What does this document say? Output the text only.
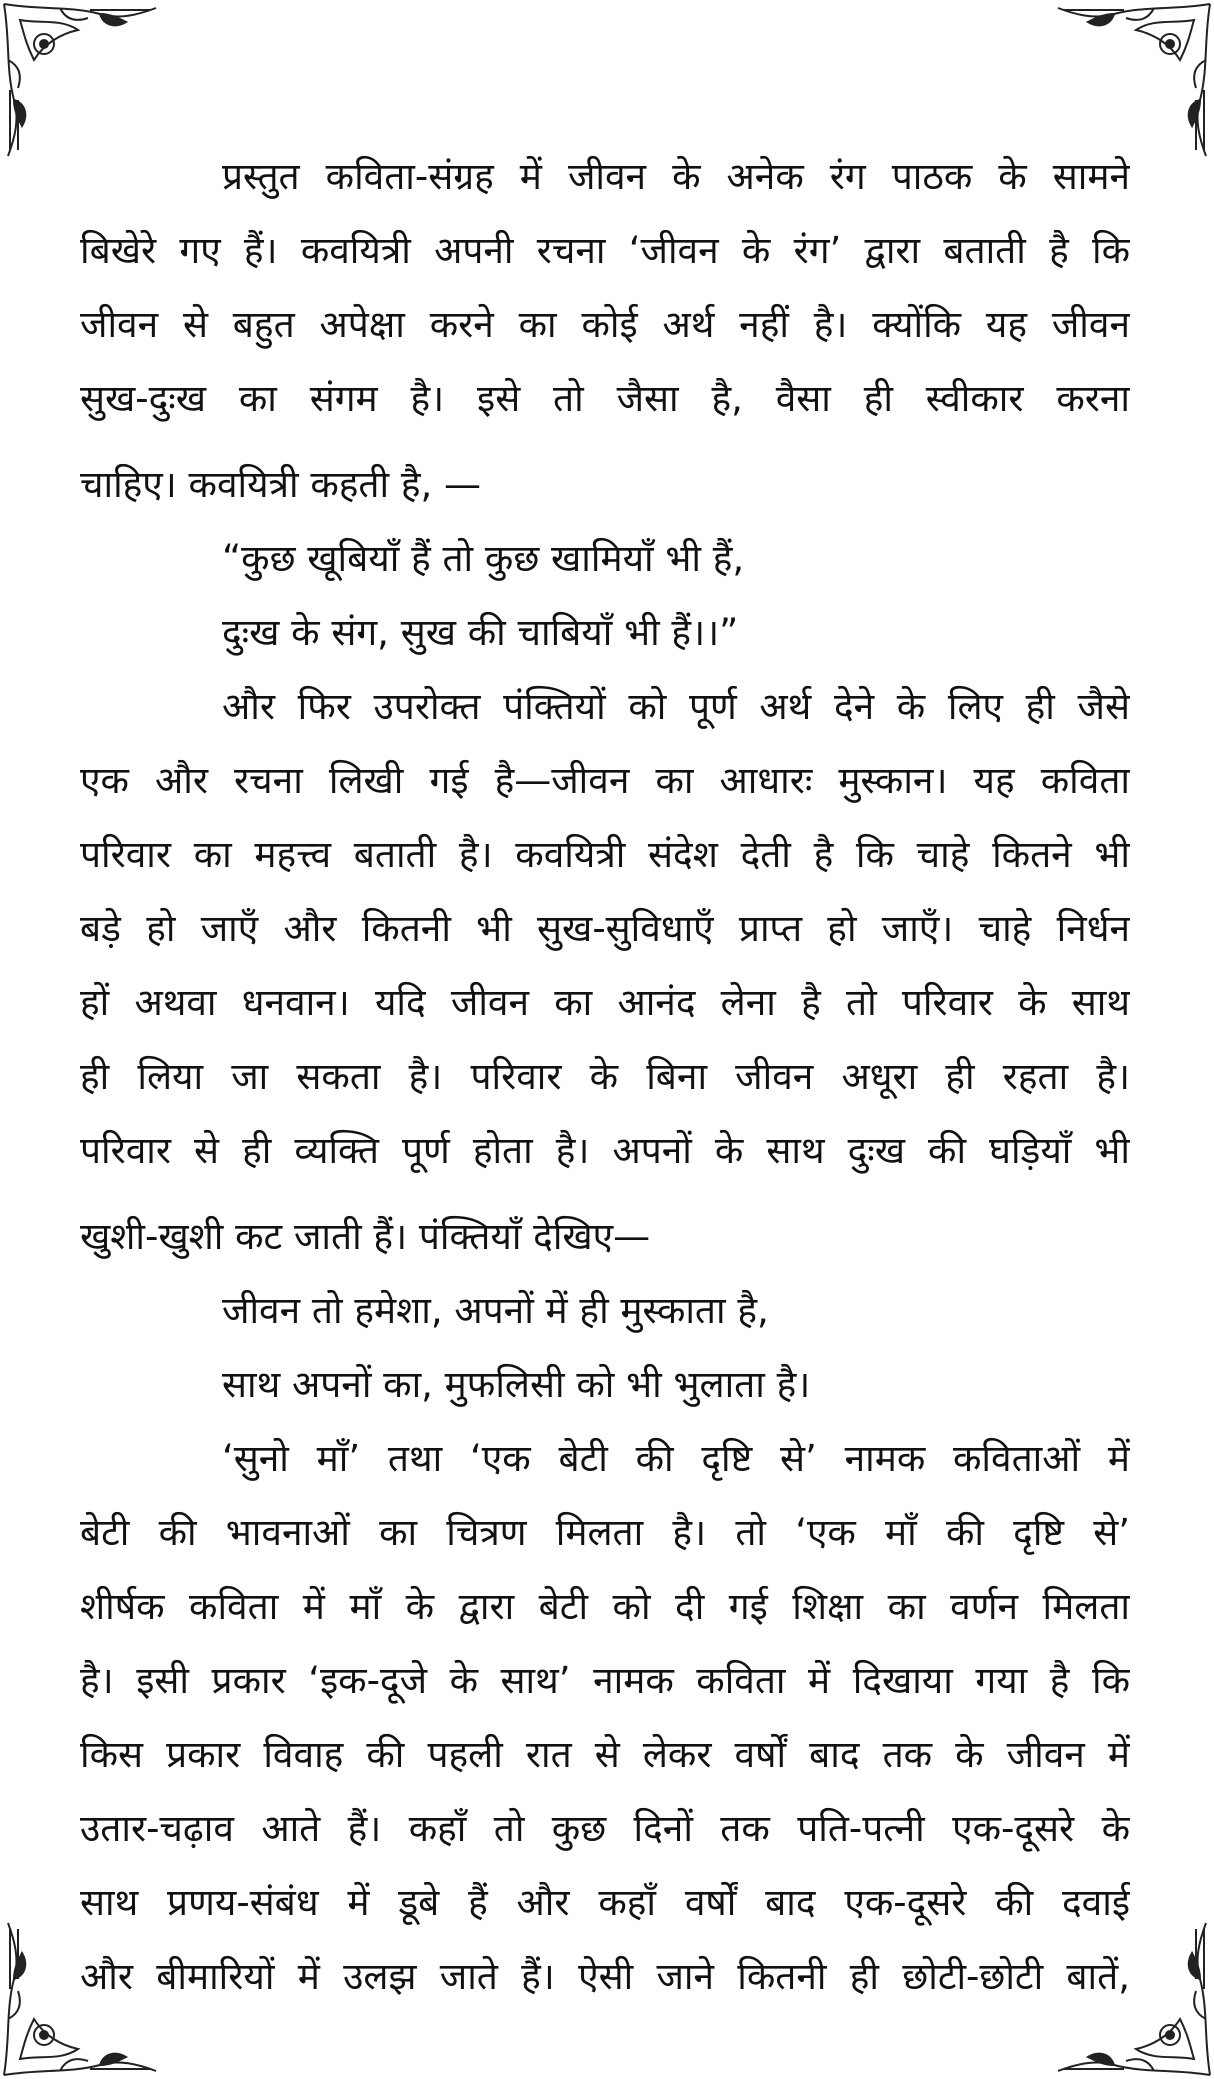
प्रस्तुत कविता-संग्रह में जीवन के अनेक रंग पाठक के सामने
बिखेरे गए हैं। कवयित्री अपनी रचना ‘जीवन के रंग’ द्वारा बताती है कि
जीवन से बहुत अपेक्षा करने का कोई अर्थ नहीं है। क्योंकि यह जीवन
सुख-दुःख का संगम है। इसे तो जैसा है, वैसा ही स्वीकार करना
चाहिए। कवयित्री कहती है, —
“कुछ खूबियाँ हैं तो कुछ खामियाँ भी हैं,
दुःख के संग, सुख की चाबियाँ भी हैं।।”
और फिर उपरोक्त पंक्तियों को पूर्ण अर्थ देने के लिए ही जैसे
एक और रचना लिखी गई है—जीवन का आधारः मुस्कान। यह कविता
परिवार का महत्त्व बताती है। कवयित्री संदेश देती है कि चाहे कितने भी
बड़े हो जाएँ और कितनी भी सुख-सुविधाएँ प्राप्त हो जाएँ। चाहे निर्धन
हों अथवा धनवान। यदि जीवन का आनंद लेना है तो परिवार के साथ
ही लिया जा सकता है। परिवार के बिना जीवन अधूरा ही रहता है।
परिवार से ही व्यक्ति पूर्ण होता है। अपनों के साथ दुःख की घड़ियाँ भी
खुशी-खुशी कट जाती हैं। पंक्तियाँ देखिए—
जीवन तो हमेशा, अपनों में ही मुस्काता है,
साथ अपनों का, मुफलिसी को भी भुलाता है।
‘सुनो माँ’ तथा ‘एक बेटी की दृष्टि से’ नामक कविताओं में
बेटी की भावनाओं का चित्रण मिलता है। तो ‘एक माँ की दृष्टि से’
शीर्षक कविता में माँ के द्वारा बेटी को दी गई शिक्षा का वर्णन मिलता
है। इसी प्रकार ‘इक-दूजे के साथ’ नामक कविता में दिखाया गया है कि
किस प्रकार विवाह की पहली रात से लेकर वर्षों बाद तक के जीवन में
उतार-चढ़ाव आते हैं। कहाँ तो कुछ दिनों तक पति-पत्नी एक-दूसरे के
साथ प्रणय-संबंध में डूबे हैं और कहाँ वर्षों बाद एक-दूसरे की दवाई
और बीमारियों में उलझ जाते हैं। ऐसी जाने कितनी ही छोटी-छोटी बातें,
